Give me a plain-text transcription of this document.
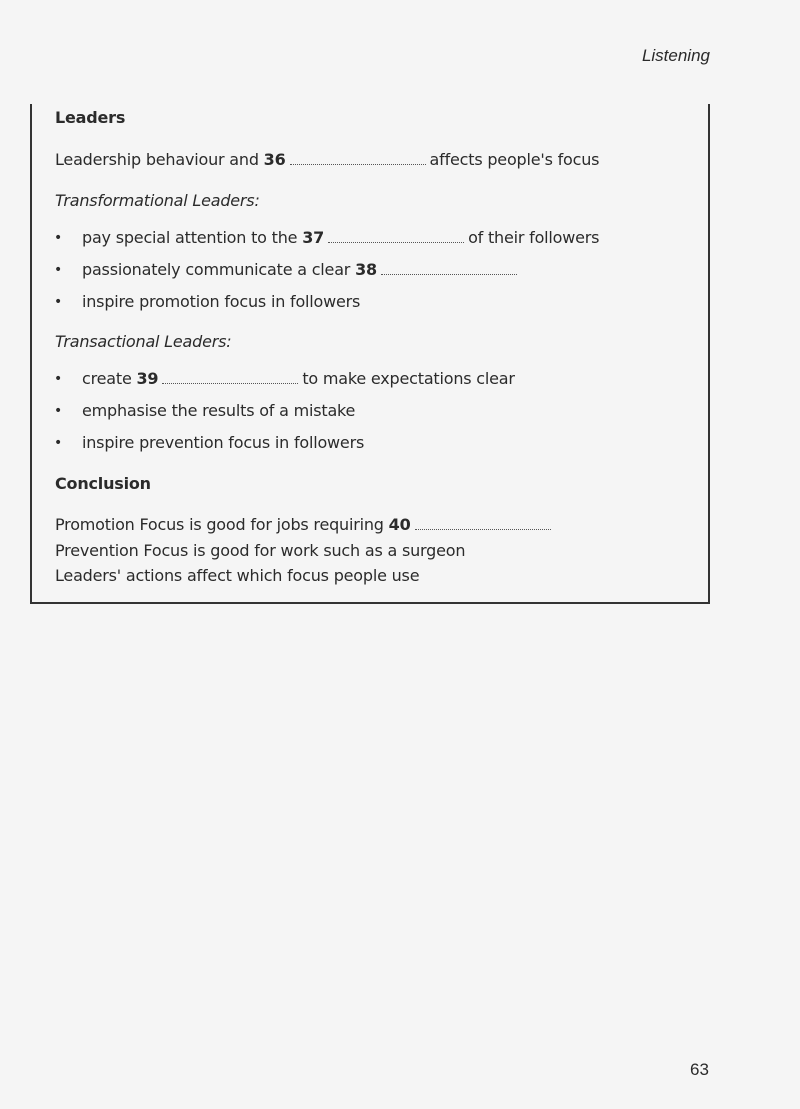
Listening
Leaders
Leadership behaviour and 36	affects people's focus
Transformational Leaders:
• pay special attention to the 37	of their followers
• passionately communicate a clear 38
• inspire promotion focus in followers
Transactional Leaders:
• create 39	to make expectations clear
• emphasise the results of a mistake
• inspire prevention focus in followers
Conclusion
Promotion Focus is good for jobs requiring 40
Prevention Focus is good for work such as a surgeon
Leaders' actions affect which focus people use
63
